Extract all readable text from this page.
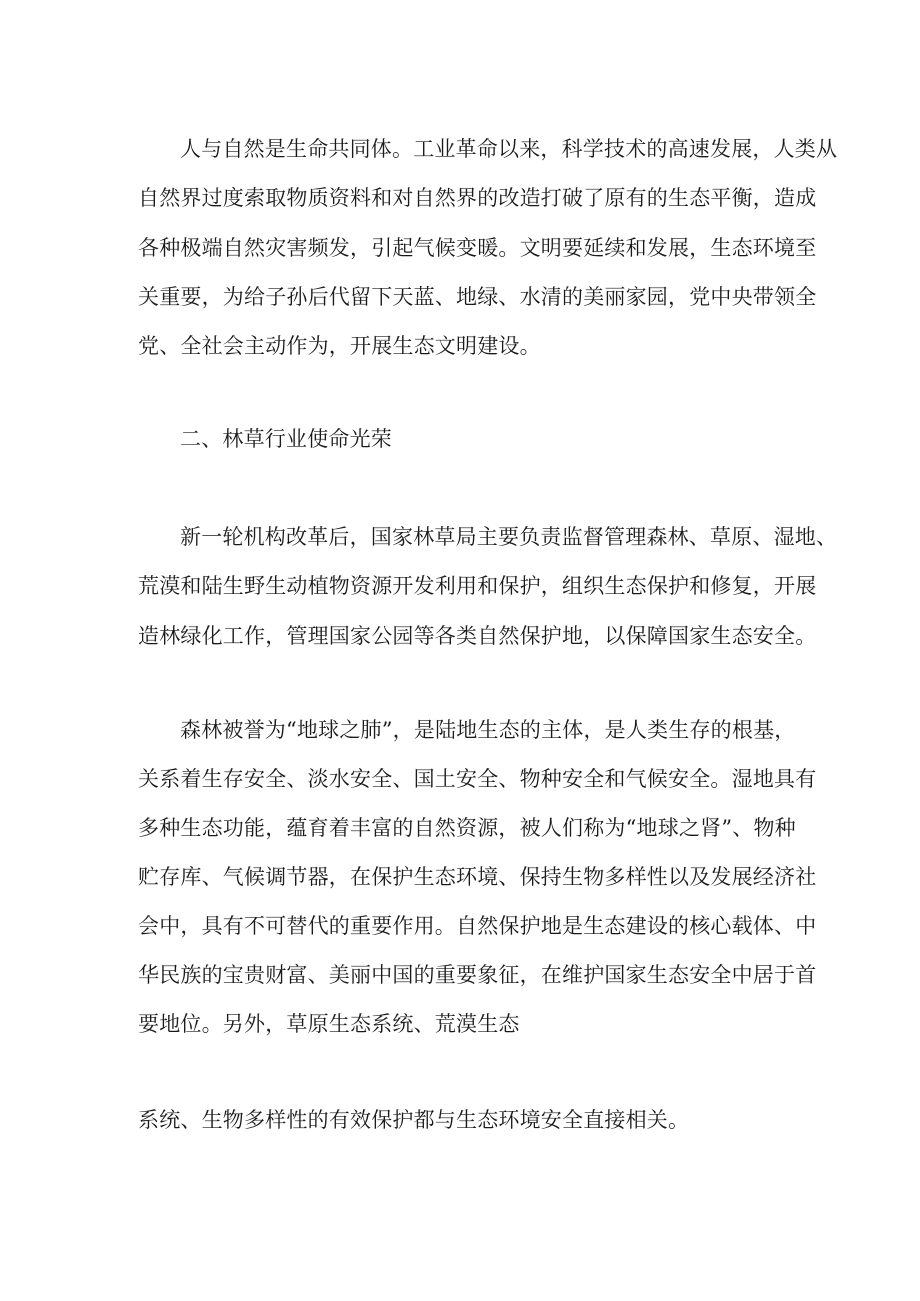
人与自然是生命共同体。工业革命以来，科学技术的高速发展，人类从
自然界过度索取物质资料和对自然界的改造打破了原有的生态平衡，造成
各种极端自然灾害频发，引起气候变暖。文明要延续和发展，生态环境至
关重要，为给子孙后代留下天蓝、地绿、水清的美丽家园，党中央带领全
党、全社会主动作为，开展生态文明建设。
二、林草行业使命光荣
新一轮机构改革后，国家林草局主要负责监督管理森林、草原、湿地、
荒漠和陆生野生动植物资源开发利用和保护，组织生态保护和修复，开展
造林绿化工作，管理国家公园等各类自然保护地，以保障国家生态安全。
森林被誉为“地球之肺”，是陆地生态的主体，是人类生存的根基，
关系着生存安全、淡水安全、国土安全、物种安全和气候安全。湿地具有
多种生态功能，蕴育着丰富的自然资源，被人们称为“地球之肾”、物种
贮存库、气候调节器，在保护生态环境、保持生物多样性以及发展经济社
会中，具有不可替代的重要作用。自然保护地是生态建设的核心载体、中
华民族的宝贵财富、美丽中国的重要象征，在维护国家生态安全中居于首
要地位。另外，草原生态系统、荒漠生态
系统、生物多样性的有效保护都与生态环境安全直接相关。
